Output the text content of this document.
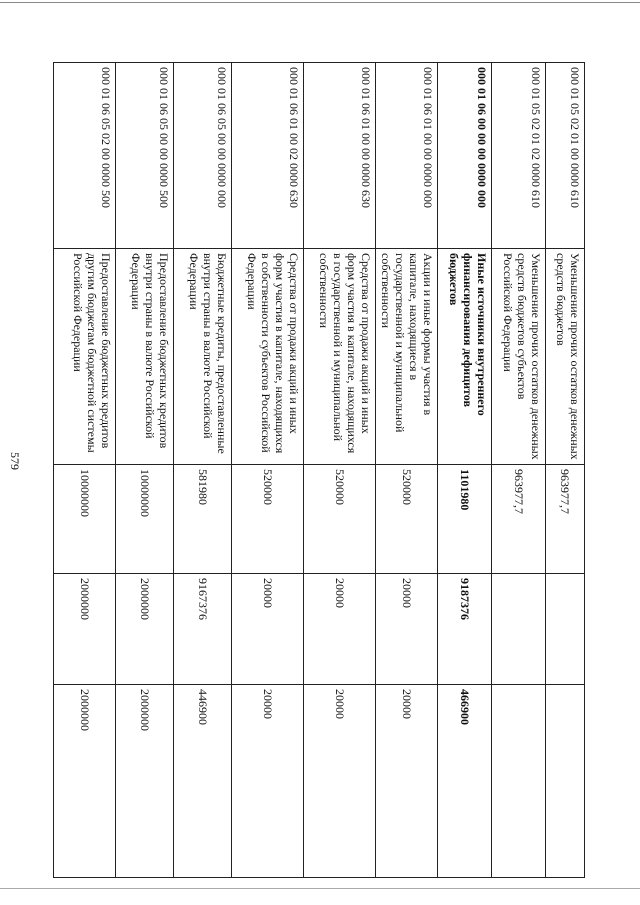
579
000 01 05 02 01 00 0000 610	Уменьшение прочих остатков денежных средств бюджетов	963977,7		
000 01 05 02 01 02 0000 610	Уменьшение прочих остатков денежных средств бюджетов субъектов Российской Федерации	963977,7		
000 01 06 00 00 00 0000 000	Иные источники внутреннего финансирования дефицитов бюджетов	1101980	9187376	466900
000 01 06 01 00 00 0000 000	Акции и иные формы участия в капитале, находящиеся в государственной и муниципальной собственности	520000	20000	20000
000 01 06 01 00 00 0000 630	Средства от продажи акций и иных форм участия в капитале, находящихся в государственной и муниципальной собственности	520000	20000	20000
000 01 06 01 00 02 0000 630	Средства от продажи акций и иных форм участия в капитале, находящихся в собственности субъектов Российской Федерации	520000	20000	20000
000 01 06 05 00 00 0000 000	Бюджетные кредиты, предоставленные внутри страны в валюте Российской Федерации	581980	9167376	446900
000 01 06 05 00 00 0000 500	Предоставление бюджетных кредитов внутри страны в валюте Российской Федерации	10000000	2000000	2000000
000 01 06 05 02 00 0000 500	Предоставление бюджетных кредитов другим бюджетам бюджетной системы Российской Федерации	10000000	2000000	2000000
